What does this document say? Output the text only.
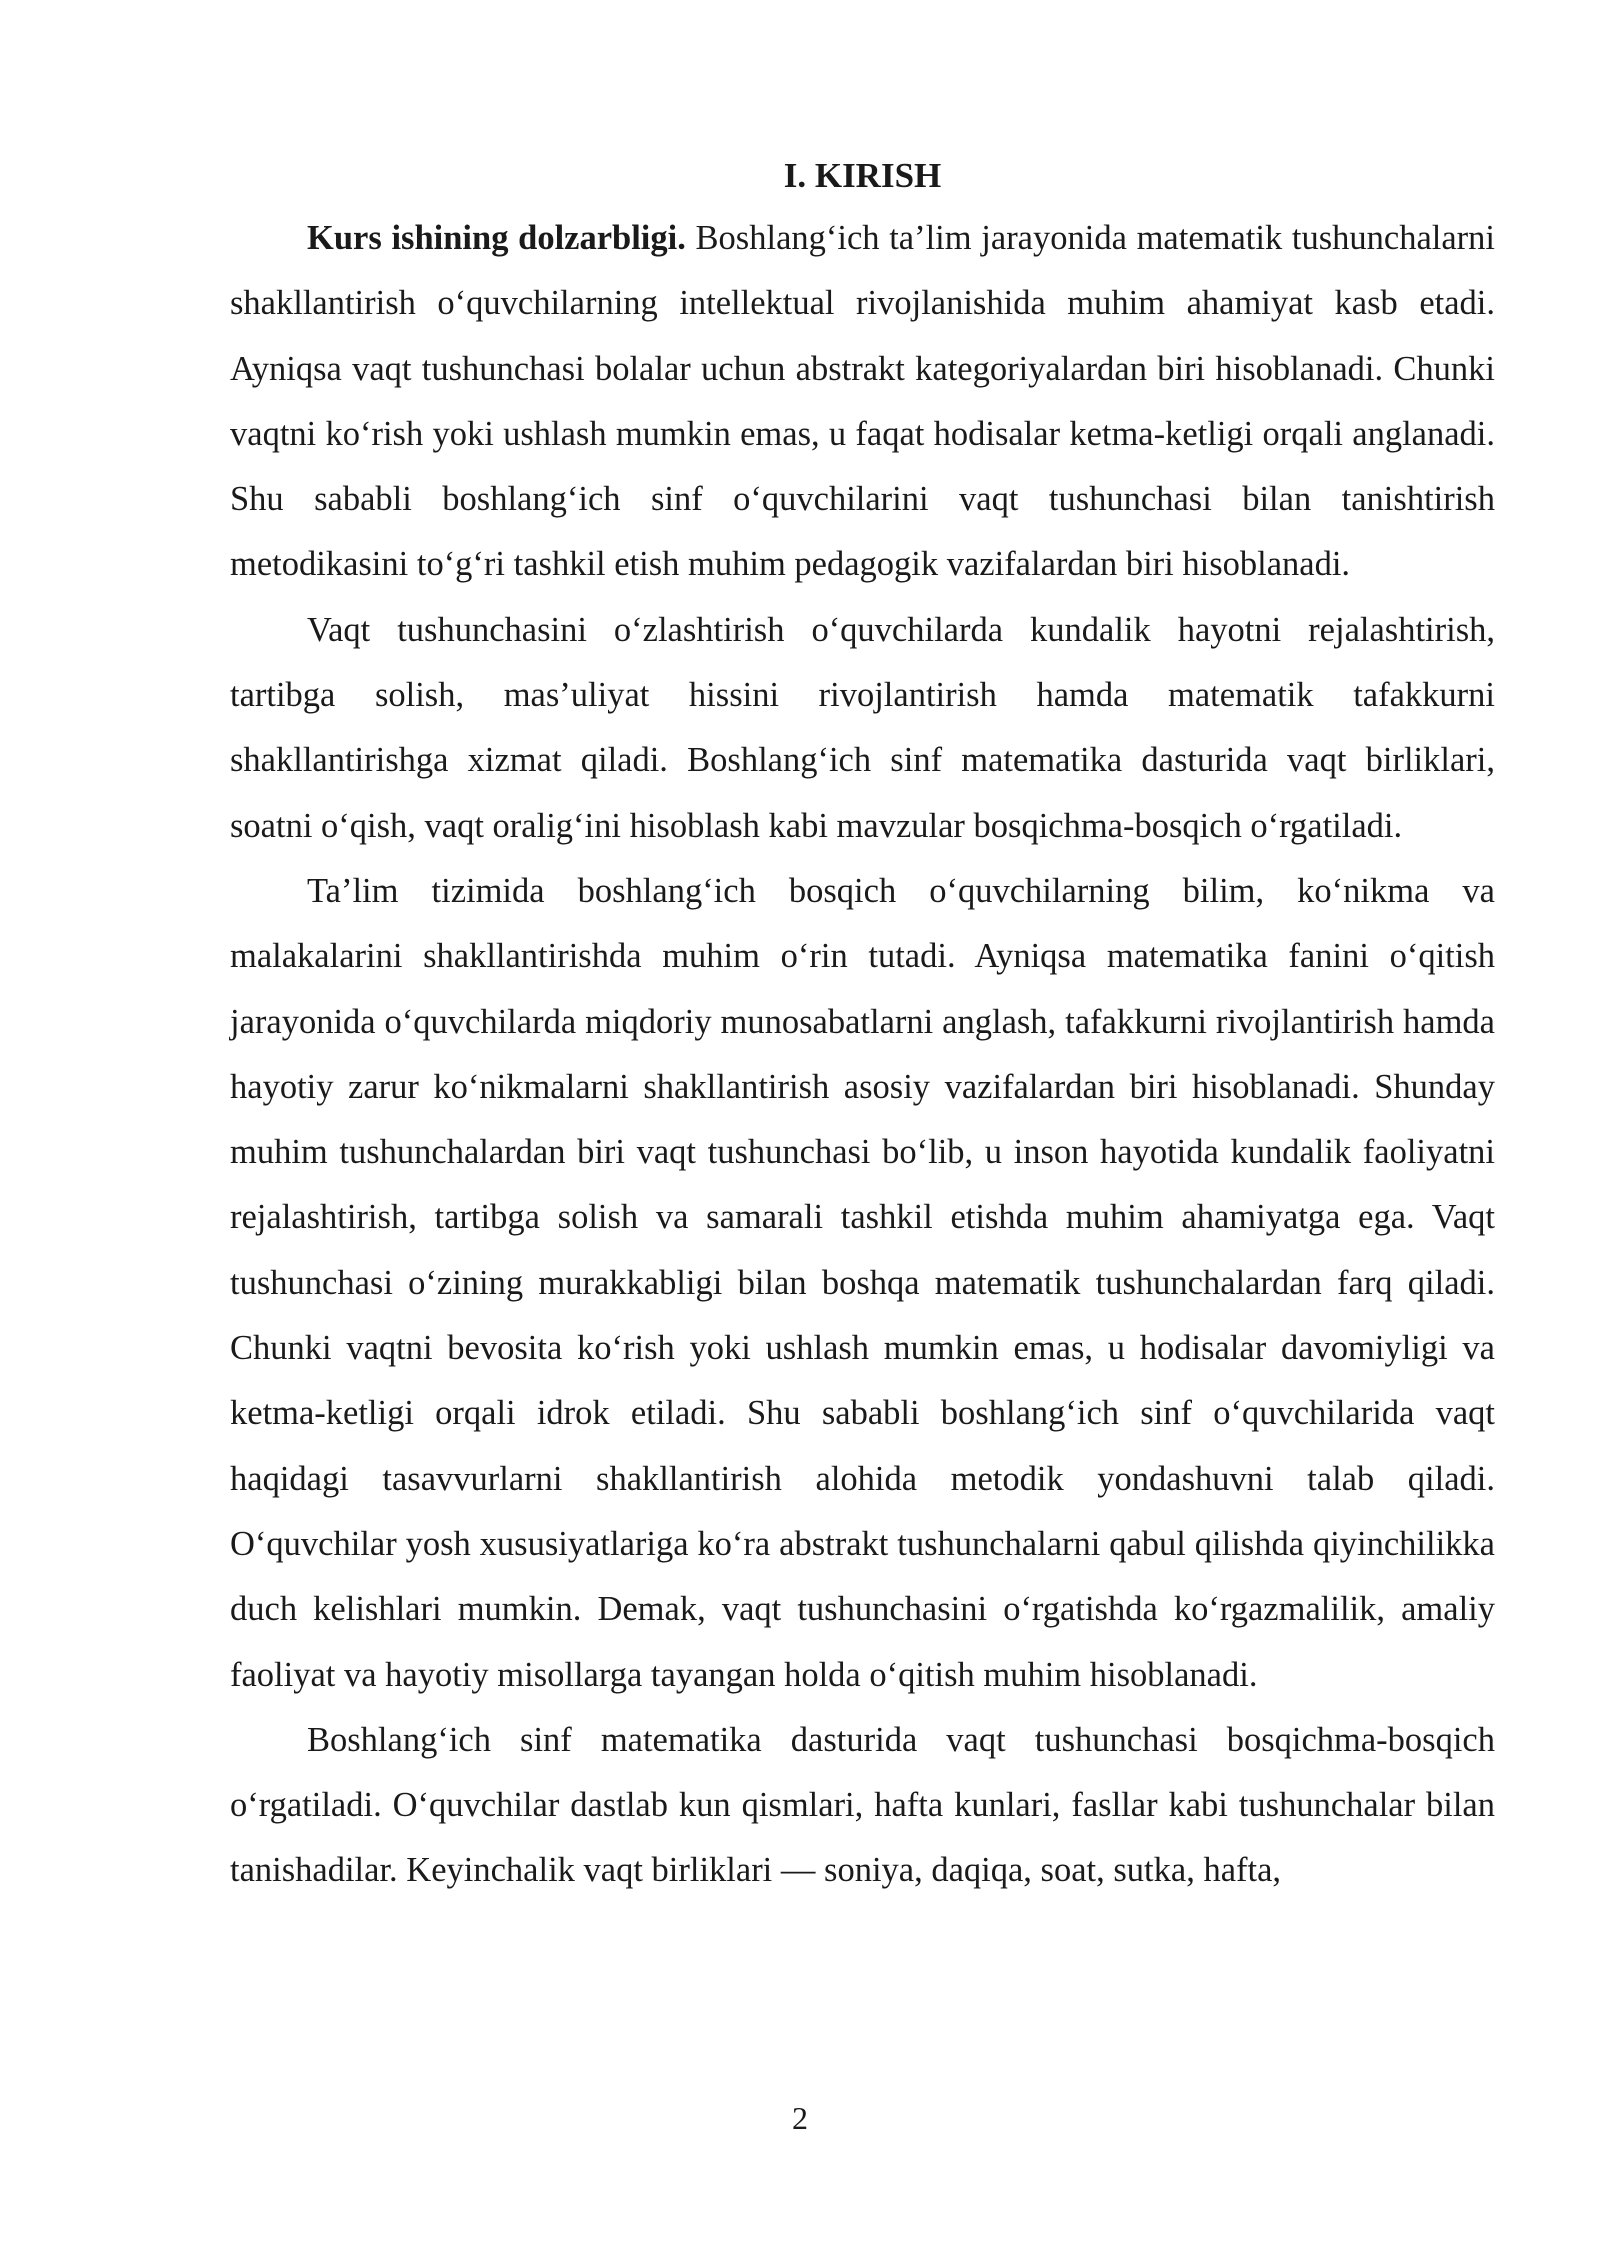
I. KIRISH

Kurs ishining dolzarbligi. Boshlang‘ich ta’lim jarayonida matematik tushunchalarni shakllantirish o‘quvchilarning intellektual rivojlanishida muhim ahamiyat kasb etadi. Ayniqsa vaqt tushunchasi bolalar uchun abstrakt kategoriyalardan biri hisoblanadi. Chunki vaqtni ko‘rish yoki ushlash mumkin emas, u faqat hodisalar ketma-ketligi orqali anglanadi. Shu sababli boshlang‘ich sinf o‘quvchilarini vaqt tushunchasi bilan tanishtirish metodikasini to‘g‘ri tashkil etish muhim pedagogik vazifalardan biri hisoblanadi.

Vaqt tushunchasini o‘zlashtirish o‘quvchilarda kundalik hayotni rejalashtirish, tartibga solish, mas’uliyat hissini rivojlantirish hamda matematik tafakkurni shakllantirishga xizmat qiladi. Boshlang‘ich sinf matematika dasturida vaqt birliklari, soatni o‘qish, vaqt oralig‘ini hisoblash kabi mavzular bosqichma-bosqich o‘rgatiladi.

Ta’lim tizimida boshlang‘ich bosqich o‘quvchilarning bilim, ko‘nikma va malakalarini shakllantirishda muhim o‘rin tutadi. Ayniqsa matematika fanini o‘qitish jarayonida o‘quvchilarda miqdoriy munosabatlarni anglash, tafakkurni rivojlantirish hamda hayotiy zarur ko‘nikmalarni shakllantirish asosiy vazifalardan biri hisoblanadi. Shunday muhim tushunchalardan biri vaqt tushunchasi bo‘lib, u inson hayotida kundalik faoliyatni rejalashtirish, tartibga solish va samarali tashkil etishda muhim ahamiyatga ega. Vaqt tushunchasi o‘zining murakkabligi bilan boshqa matematik tushunchalardan farq qiladi. Chunki vaqtni bevosita ko‘rish yoki ushlash mumkin emas, u hodisalar davomiyligi va ketma-ketligi orqali idrok etiladi. Shu sababli boshlang‘ich sinf o‘quvchilarida vaqt haqidagi tasavvurlarni shakllantirish alohida metodik yondashuvni talab qiladi. O‘quvchilar yosh xususiyatlariga ko‘ra abstrakt tushunchalarni qabul qilishda qiyinchilikka duch kelishlari mumkin. Demak, vaqt tushunchasini o‘rgatishda ko‘rgazmalilik, amaliy faoliyat va hayotiy misollarga tayangan holda o‘qitish muhim hisoblanadi.

Boshlang‘ich sinf matematika dasturida vaqt tushunchasi bosqichma-bosqich o‘rgatiladi. O‘quvchilar dastlab kun qismlari, hafta kunlari, fasllar kabi tushunchalar bilan tanishadilar. Keyinchalik vaqt birliklari — soniya, daqiqa, soat, sutka, hafta,

2
